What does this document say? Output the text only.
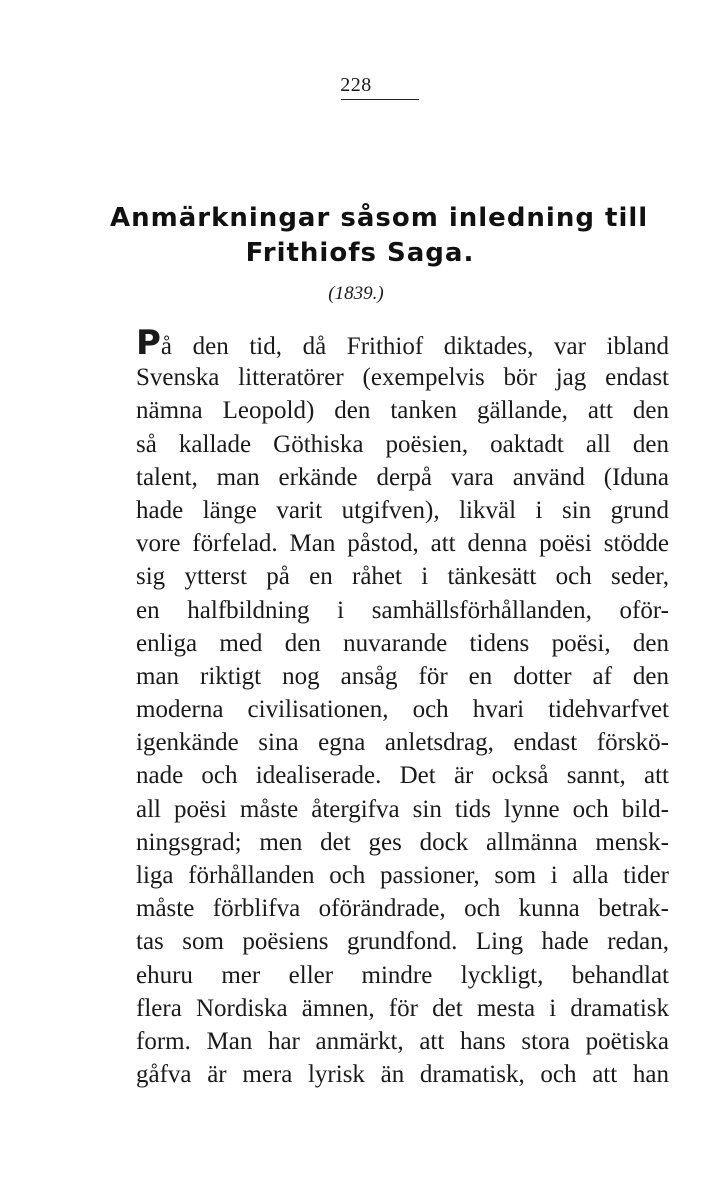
228
Anmärkningar såsom inledning till
Frithiofs Saga.
(1839.)
På den tid, då Frithiof diktades, var ibland
Svenska litteratörer (exempelvis bör jag endast
nämna Leopold) den tanken gällande, att den
så kallade Göthiska poësien, oaktadt all den
talent, man erkände derpå vara använd (Iduna
hade länge varit utgifven), likväl i sin grund
vore förfelad. Man påstod, att denna poësi stödde
sig ytterst på en råhet i tänkesätt och seder,
en halfbildning i samhällsförhållanden, oför-
enliga med den nuvarande tidens poësi, den
man riktigt nog ansåg för en dotter af den
moderna civilisationen, och hvari tidehvarfvet
igenkände sina egna anletsdrag, endast förskö-
nade och idealiserade. Det är också sannt, att
all poësi måste återgifva sin tids lynne och bild-
ningsgrad; men det ges dock allmänna mensk-
liga förhållanden och passioner, som i alla tider
måste förblifva oförändrade, och kunna betrak-
tas som poësiens grundfond. Ling hade redan,
ehuru mer eller mindre lyckligt, behandlat
flera Nordiska ämnen, för det mesta i dramatisk
form. Man har anmärkt, att hans stora poëtiska
gåfva är mera lyrisk än dramatisk, och att han
